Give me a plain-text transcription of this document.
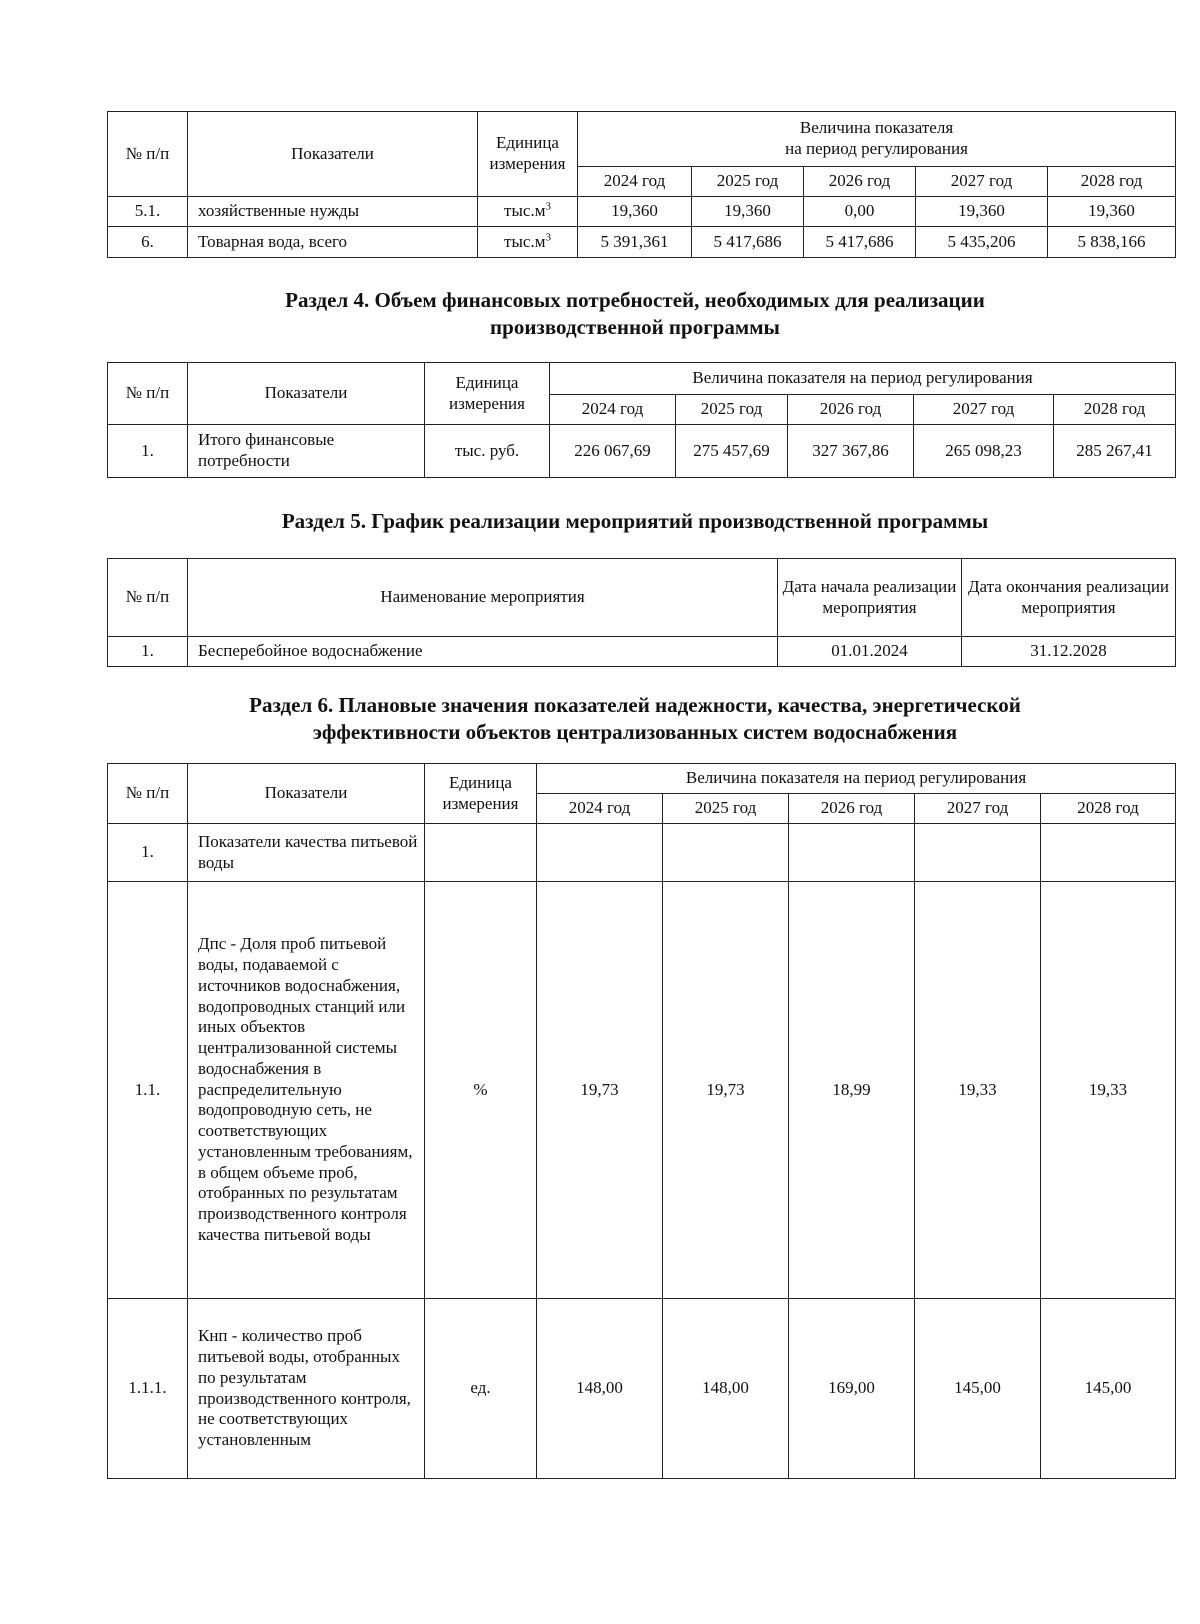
№ п/п	Показатели	Единица измерения	Величина показателя
на период регулирования				

			2024 год	2025 год	2026 год	2027 год	2028 год
5.1.	хозяйственные нужды	$тыс.м^3$	19,360	19,360	0,00	19,360	19,360
6.	Товарная вода, всего	$тыс.м^3$	5 391,361	5 417,686	5 417,686	5 435,206	5 838,166
Раздел 4. Объем финансовых потребностей, необходимых для реализации
производственной программы
№ п/п	Показатели	Единица измерения	Величина показателя на период регулирования				
			2024 год	2025 год	2026 год	2027 год	2028 год
1.	Итого финансовые потребности	тыс. руб.	226 067,69	275 457,69	327 367,86	265 098,23	285 267,41
Раздел 5. График реализации мероприятий производственной программы
№ п/п	Наименование мероприятия	Дата начала реализации мероприятия	Дата окончания реализации мероприятия
1.	Бесперебойное водоснабжение	01.01.2024	31.12.2028
Раздел 6. Плановые значения показателей надежности, качества, энергетической
эффективности объектов централизованных систем водоснабжения
№ п/п	Показатели	Единица измерения	Величина показателя на период регулирования				
			2024 год	2025 год	2026 год	2027 год	2028 год
1.	Показатели качества питьевой воды						
1.1.	Дпс - Доля проб питьевой воды, подаваемой с источников водоснабжения, водопроводных станций или иных объектов централизованной системы водоснабжения в распределительную водопроводную сеть, не соответствующих установленным требованиям, в общем объеме проб, отобранных по результатам производственного контроля качества питьевой воды	%	19,73	19,73	18,99	19,33	19,33
1.1.1.	Кнп - количество проб питьевой воды, отобранных по результатам производственного контроля, не соответствующих установленным	ед.	148,00	148,00	169,00	145,00	145,00
